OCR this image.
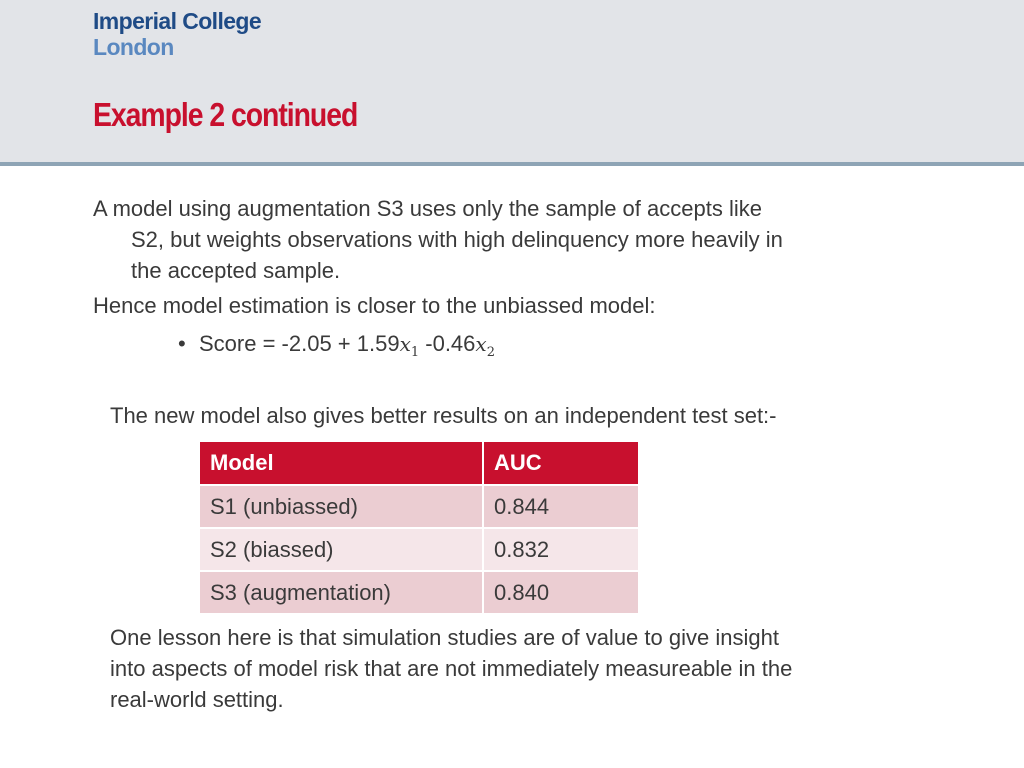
Imperial College
London
Example 2 continued
A model using augmentation S3 uses only the sample of accepts like
S2, but weights observations with high delinquency more heavily in
the accepted sample.
Hence model estimation is closer to the unbiassed model:
• Score = $-2.05 + 1.59x_1$ $-0.46x_2$
The new model also gives better results on an independent test set:-
Model	AUC
S1 (unbiassed)	0.844
S2 (biassed)	0.832
S3 (augmentation)	0.840
One lesson here is that simulation studies are of value to give insight
into aspects of model risk that are not immediately measureable in the
real-world setting.
